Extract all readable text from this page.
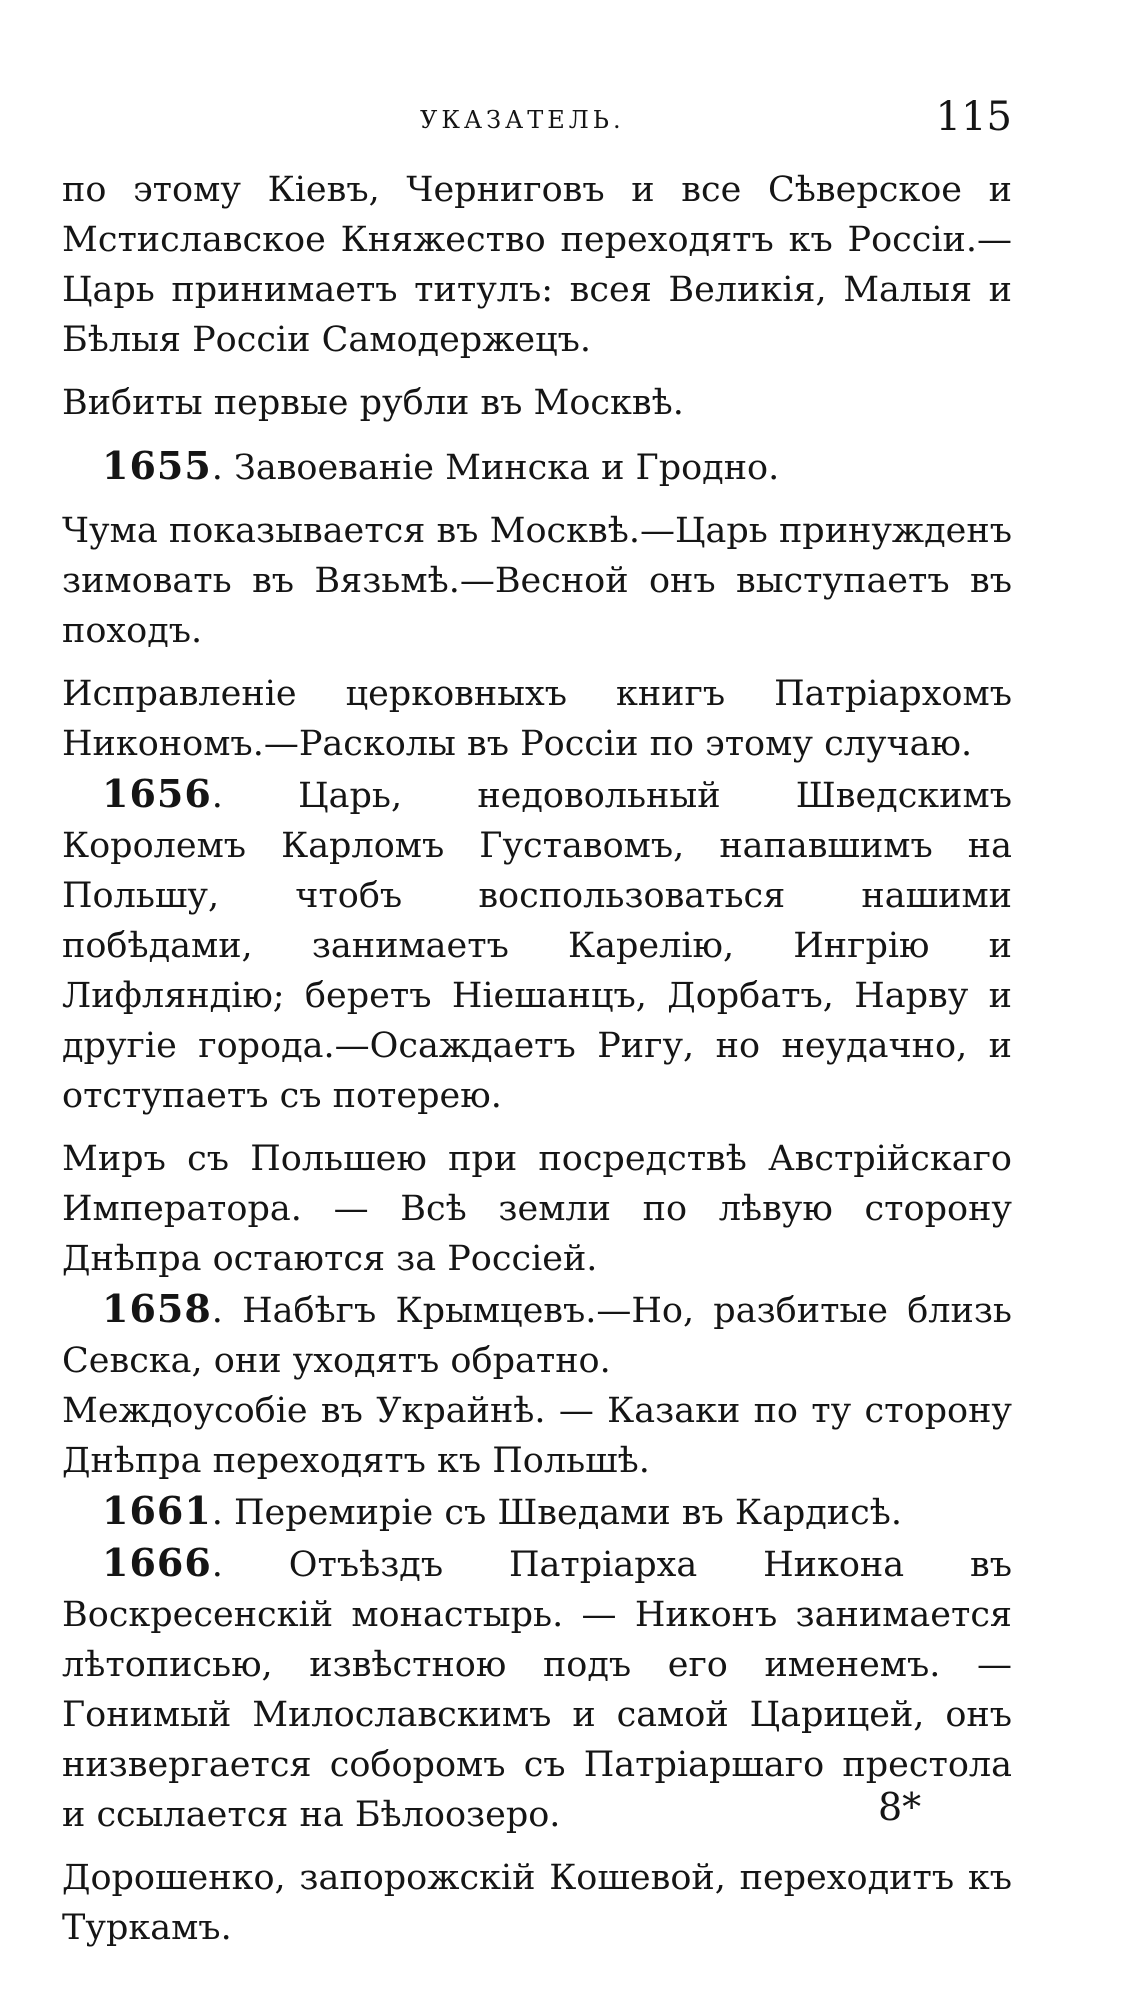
УКАЗАТЕЛЬ.	115

по этому Кіевъ, Черниговъ и все Сѣверское и Мстиславское Княжество переходятъ къ Россіи.—Царь принимаетъ титулъ: всея Великія, Малыя и Бѣлыя Россіи Самодержецъ.

Вибиты первые рубли въ Москвѣ.

1655. Завоеваніе Минска и Гродно.

Чума показывается въ Москвѣ.—Царь принужденъ зимовать въ Вязьмѣ.—Весной онъ выступаетъ въ походъ.

Исправленіе церковныхъ книгъ Патріархомъ Никономъ.—Расколы въ Россіи по этому случаю.

1656. Царь, недовольный Шведскимъ Королемъ Карломъ Густавомъ, напавшимъ на Польшу, чтобъ воспользоваться нашими побѣдами, занимаетъ Карелію, Ингрію и Лифляндію; беретъ Ніешанцъ, Дорбатъ, Нарву и другіе города.—Осаждаетъ Ригу, но неудачно, и отступаетъ съ потерею.

Миръ съ Польшею при посредствѣ Австрійскаго Императора. — Всѣ земли по лѣвую сторону Днѣпра остаются за Россіей.

1658. Набѣгъ Крымцевъ.—Но, разбитые близь Севска, они уходятъ обратно.

Междоусобіе въ Украйнѣ. — Казаки по ту сторону Днѣпра переходятъ къ Польшѣ.

1661. Перемиріе съ Шведами въ Кардисѣ.

1666. Отъѣздъ Патріарха Никона въ Воскресенскій монастырь. — Никонъ занимается лѣтописью, извѣстною подъ его именемъ. — Гонимый Милославскимъ и самой Царицей, онъ низвергается соборомъ съ Патріаршаго престола и ссылается на Бѣлоозеро.

Дорошенко, запорожскій Кошевой, переходитъ къ Туркамъ.

8*
